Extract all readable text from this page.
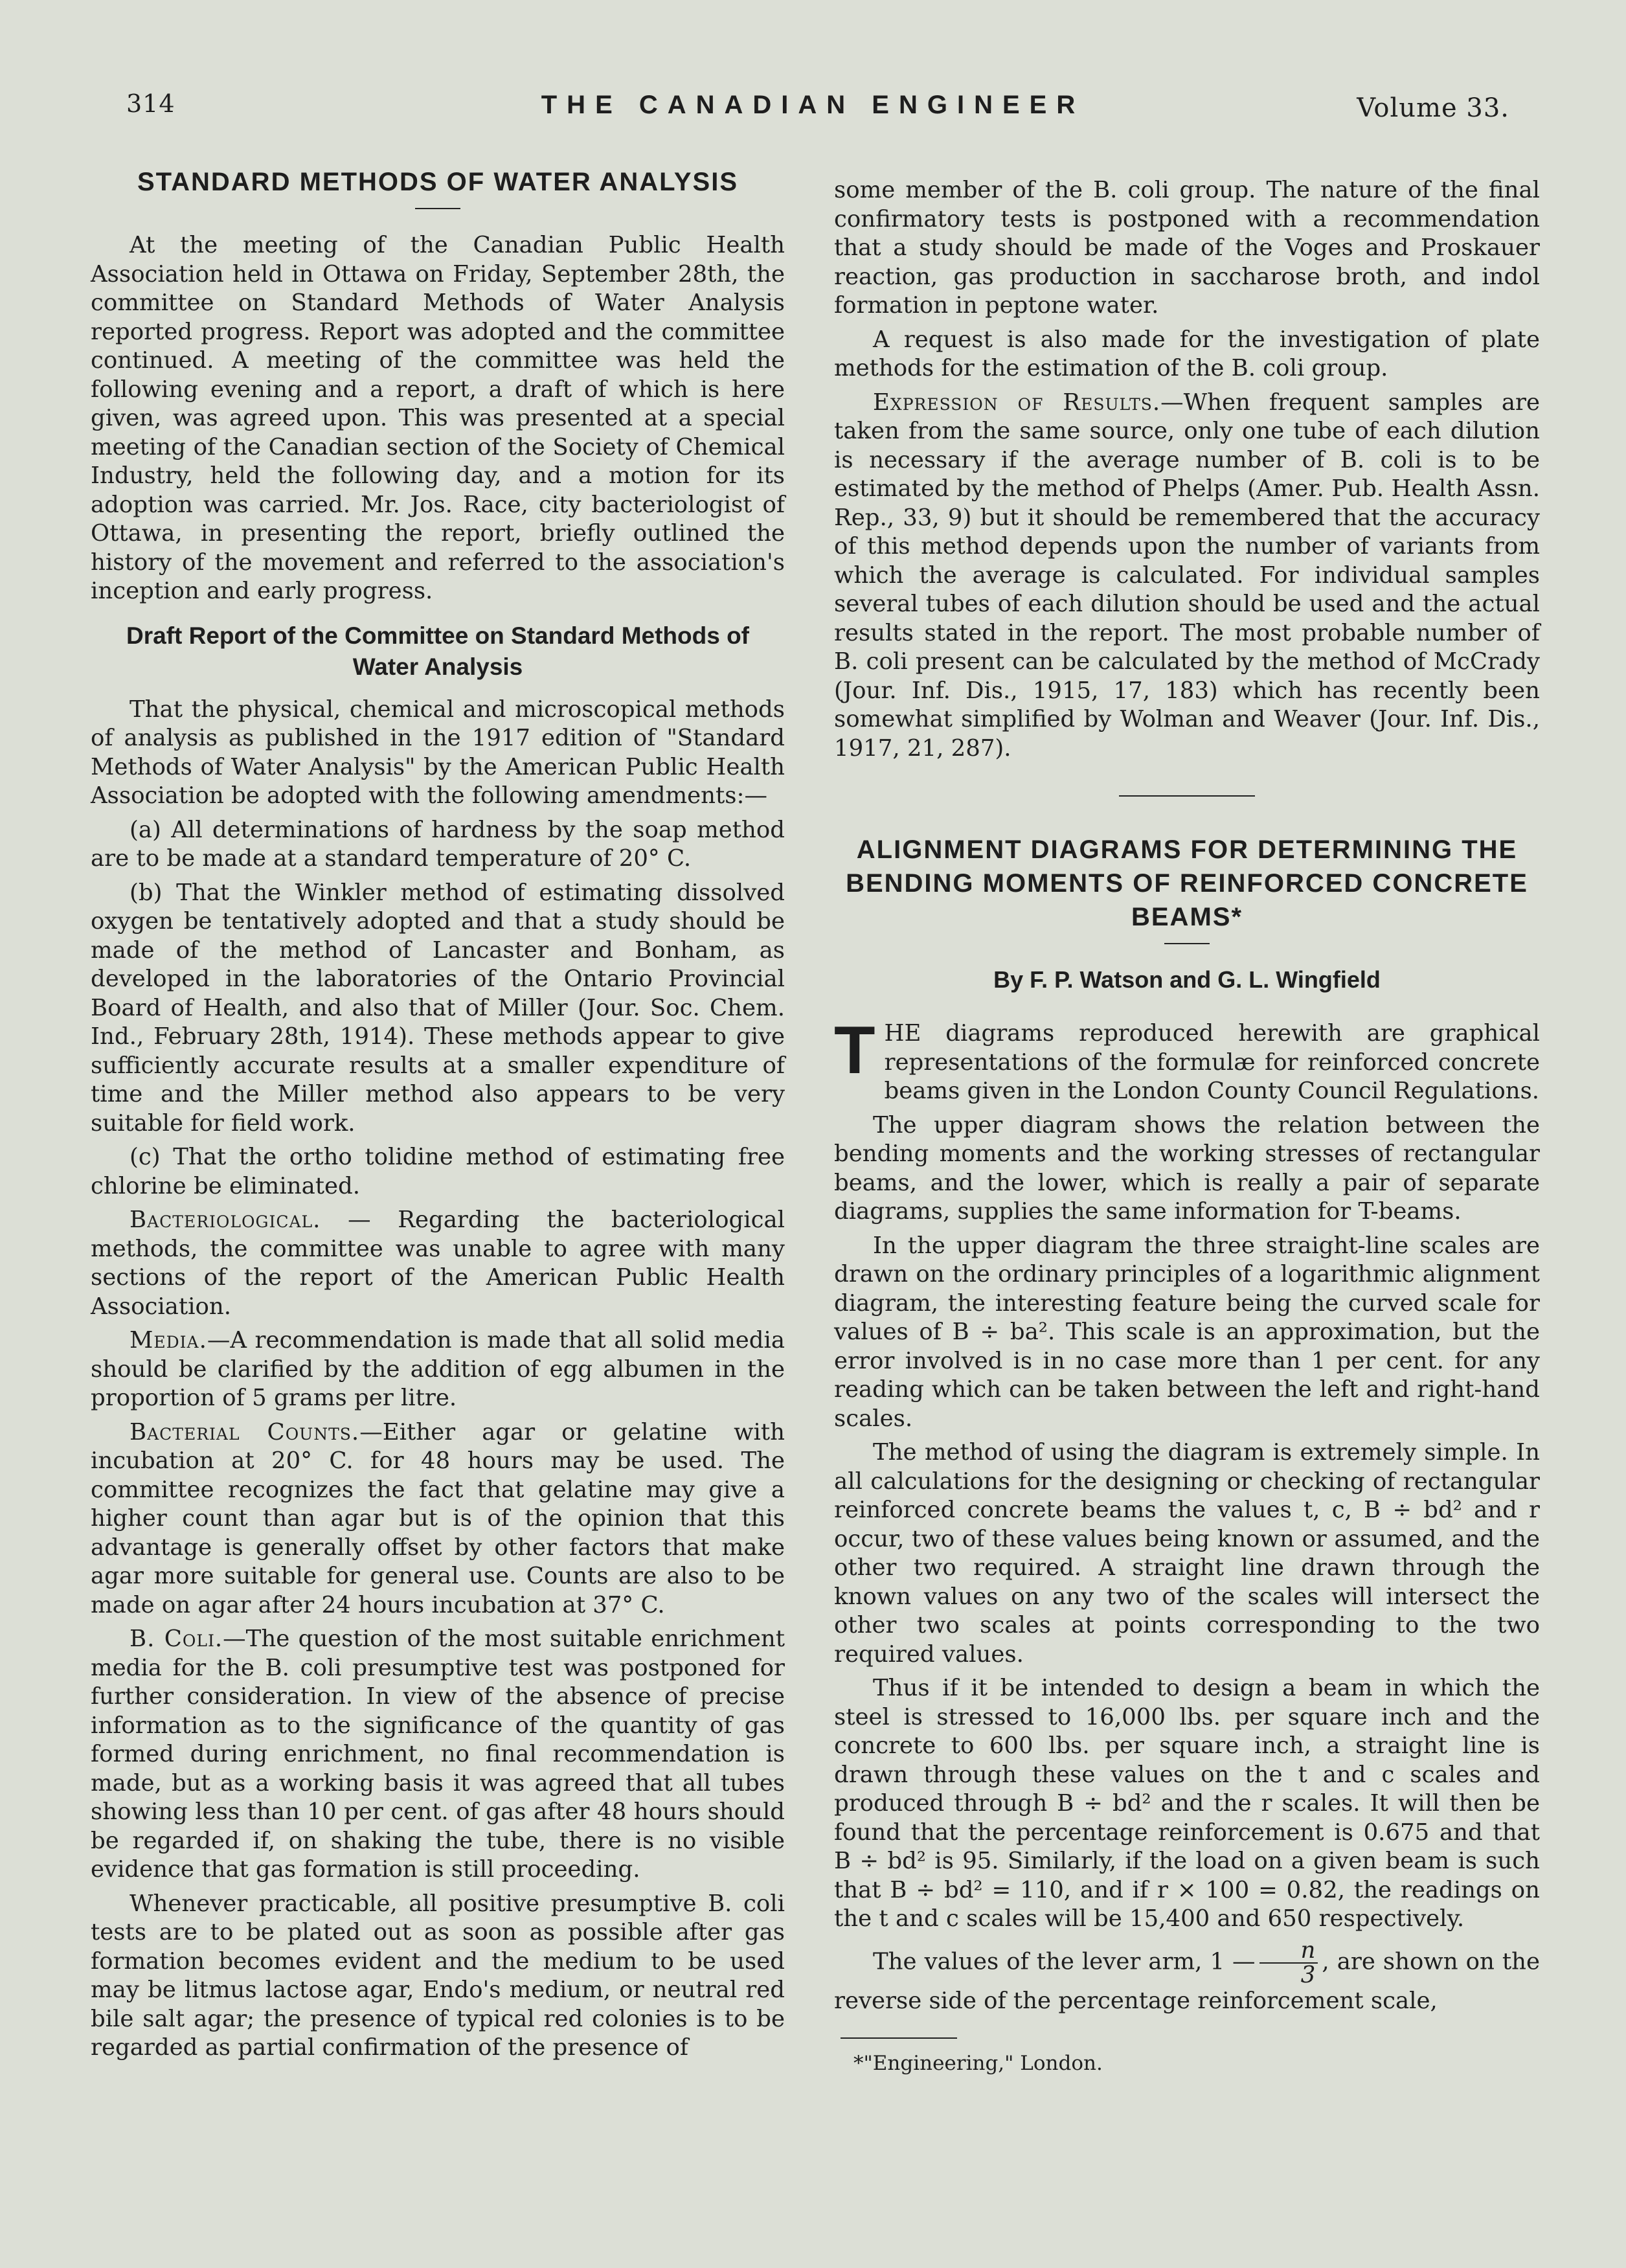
314	THE CANADIAN ENGINEER	Volume 33.
STANDARD METHODS OF WATER ANALYSIS

At the meeting of the Canadian Public Health Association held in Ottawa on Friday, September 28th, the committee on Standard Methods of Water Analysis reported progress. Report was adopted and the committee continued. A meeting of the committee was held the following evening and a report, a draft of which is here given, was agreed upon. This was presented at a special meeting of the Canadian section of the Society of Chemical Industry, held the following day, and a motion for its adoption was carried. Mr. Jos. Race, city bacteriologist of Ottawa, in presenting the report, briefly outlined the history of the movement and referred to the association's inception and early progress.

Draft Report of the Committee on Standard Methods of Water Analysis

That the physical, chemical and microscopical methods of analysis as published in the 1917 edition of "Standard Methods of Water Analysis" by the American Public Health Association be adopted with the following amendments:—

(a) All determinations of hardness by the soap method are to be made at a standard temperature of 20° C.

(b) That the Winkler method of estimating dissolved oxygen be tentatively adopted and that a study should be made of the method of Lancaster and Bonham, as developed in the laboratories of the Ontario Provincial Board of Health, and also that of Miller (Jour. Soc. Chem. Ind., February 28th, 1914). These methods appear to give sufficiently accurate results at a smaller expenditure of time and the Miller method also appears to be very suitable for field work.

(c) That the ortho tolidine method of estimating free chlorine be eliminated.

Bacteriological. — Regarding the bacteriological methods, the committee was unable to agree with many sections of the report of the American Public Health Association.

Media.—A recommendation is made that all solid media should be clarified by the addition of egg albumen in the proportion of 5 grams per litre.

Bacterial Counts.—Either agar or gelatine with incubation at 20° C. for 48 hours may be used. The committee recognizes the fact that gelatine may give a higher count than agar but is of the opinion that this advantage is generally offset by other factors that make agar more suitable for general use. Counts are also to be made on agar after 24 hours incubation at 37° C.

B. Coli.—The question of the most suitable enrichment media for the B. coli presumptive test was postponed for further consideration. In view of the absence of precise information as to the significance of the quantity of gas formed during enrichment, no final recommendation is made, but as a working basis it was agreed that all tubes showing less than 10 per cent. of gas after 48 hours should be regarded if, on shaking the tube, there is no visible evidence that gas formation is still proceeding.

Whenever practicable, all positive presumptive B. coli tests are to be plated out as soon as possible after gas formation becomes evident and the medium to be used may be litmus lactose agar, Endo's medium, or neutral red bile salt agar; the presence of typical red colonies is to be regarded as partial confirmation of the presence of

some member of the B. coli group. The nature of the final confirmatory tests is postponed with a recommendation that a study should be made of the Voges and Proskauer reaction, gas production in saccharose broth, and indol formation in peptone water.

A request is also made for the investigation of plate methods for the estimation of the B. coli group.

Expression of Results.—When frequent samples are taken from the same source, only one tube of each dilution is necessary if the average number of B. coli is to be estimated by the method of Phelps (Amer. Pub. Health Assn. Rep., 33, 9) but it should be remembered that the accuracy of this method depends upon the number of variants from which the average is calculated. For individual samples several tubes of each dilution should be used and the actual results stated in the report. The most probable number of B. coli present can be calculated by the method of McCrady (Jour. Inf. Dis., 1915, 17, 183) which has recently been somewhat simplified by Wolman and Weaver (Jour. Inf. Dis., 1917, 21, 287).

ALIGNMENT DIAGRAMS FOR DETERMINING THE BENDING MOMENTS OF REINFORCED CONCRETE BEAMS*
By F. P. Watson and G. L. Wingfield

THE diagrams reproduced herewith are graphical representations of the formulæ for reinforced concrete beams given in the London County Council Regulations.

The upper diagram shows the relation between the bending moments and the working stresses of rectangular beams, and the lower, which is really a pair of separate diagrams, supplies the same information for T-beams.

In the upper diagram the three straight-line scales are drawn on the ordinary principles of a logarithmic alignment diagram, the interesting feature being the curved scale for values of B ÷ ba². This scale is an approximation, but the error involved is in no case more than 1 per cent. for any reading which can be taken between the left and right-hand scales.

The method of using the diagram is extremely simple. In all calculations for the designing or checking of rectangular reinforced concrete beams the values t, c, B ÷ bd² and r occur, two of these values being known or assumed, and the other two required. A straight line drawn through the known values on any two of the scales will intersect the other two scales at points corresponding to the two required values.

Thus if it be intended to design a beam in which the steel is stressed to 16,000 lbs. per square inch and the concrete to 600 lbs. per square inch, a straight line is drawn through these values on the t and c scales and produced through B ÷ bd² and the r scales. It will then be found that the percentage reinforcement is 0.675 and that B ÷ bd² is 95. Similarly, if the load on a given beam is such that B ÷ bd² = 110, and if r × 100 = 0.82, the readings on the t and c scales will be 15,400 and 650 respectively.

The values of the lever arm, 1 — $\frac{n}{3}$ , are shown on the reverse side of the percentage reinforcement scale,

*"Engineering," London.
